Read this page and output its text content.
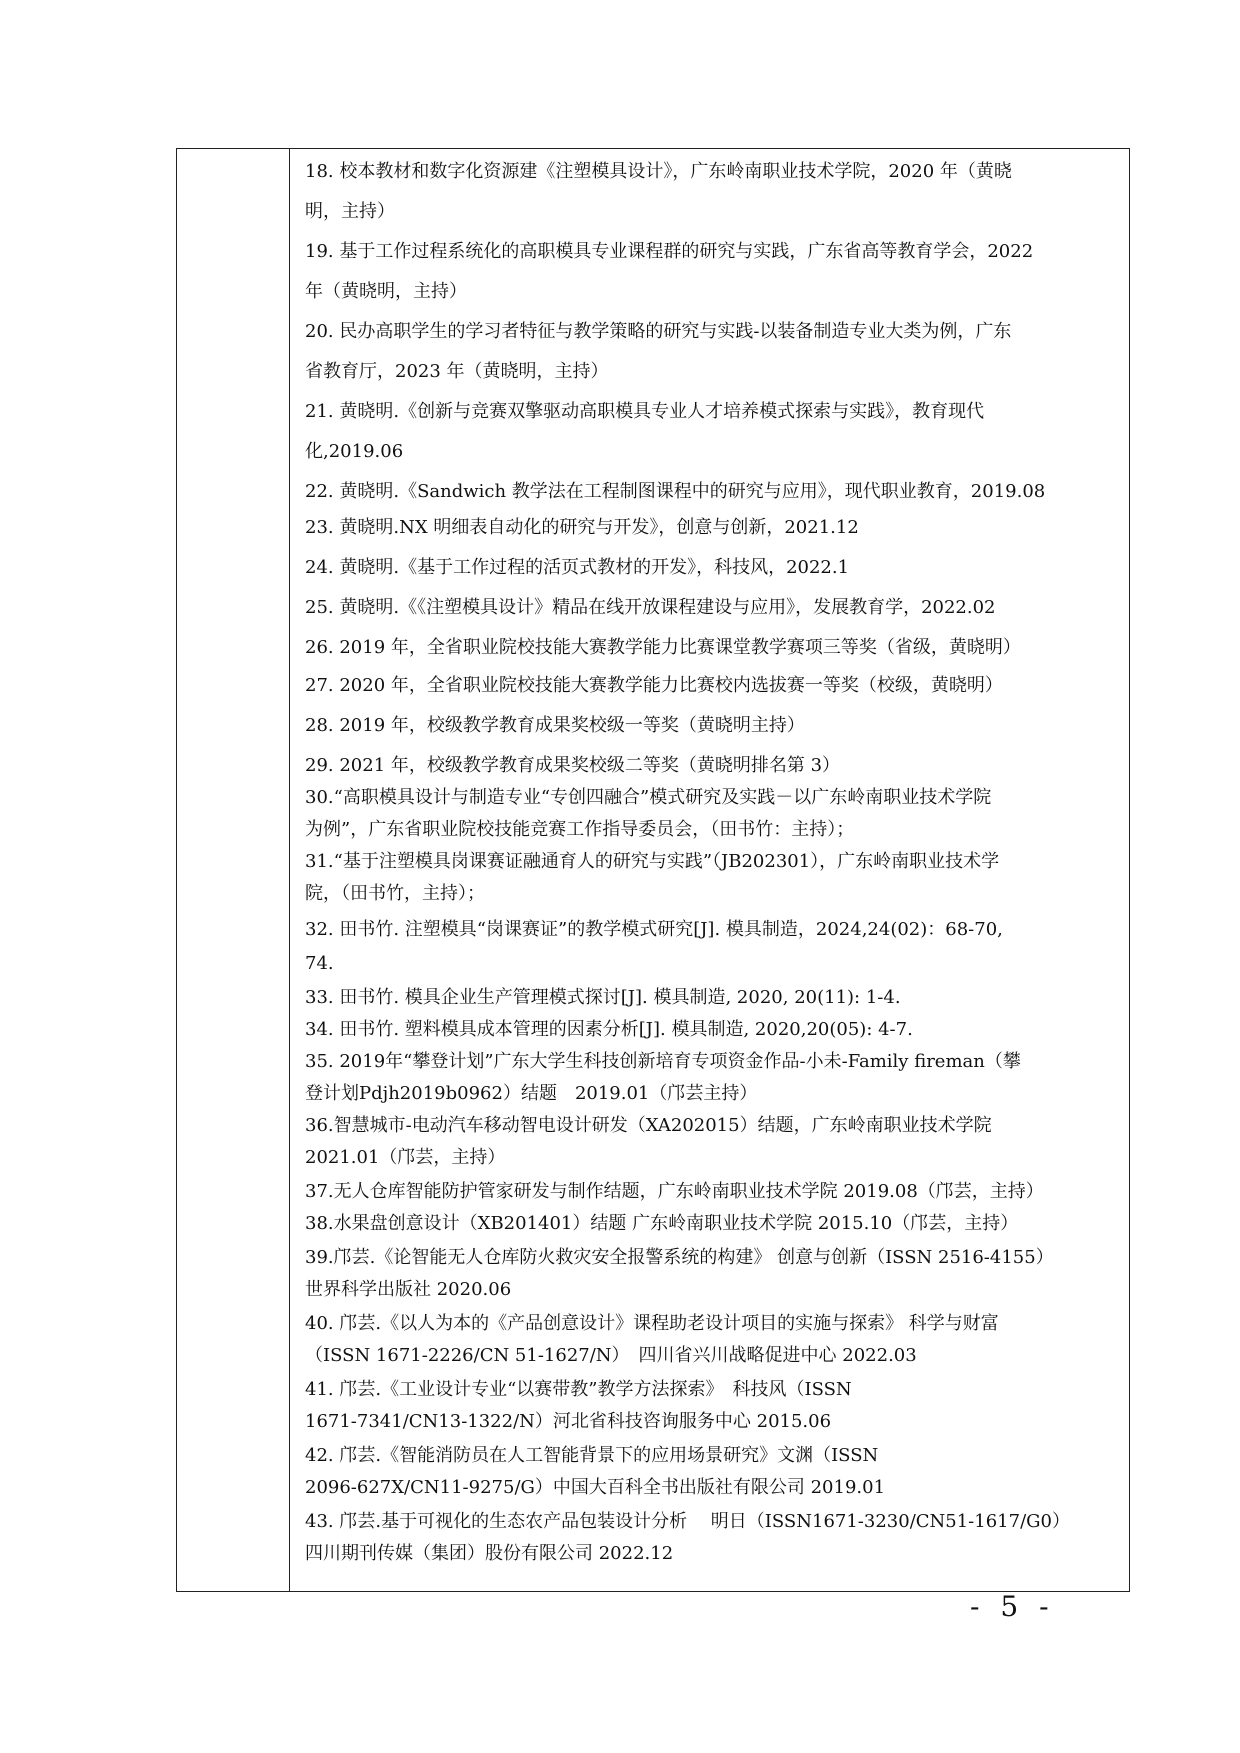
18. 校本教材和数字化资源建《注塑模具设计》，广东岭南职业技术学院，2020 年（黄晓
明，主持）
19. 基于工作过程系统化的高职模具专业课程群的研究与实践，广东省高等教育学会，2022
年（黄晓明，主持）
20. 民办高职学生的学习者特征与教学策略的研究与实践-以装备制造专业大类为例，广东
省教育厅，2023 年（黄晓明，主持）
21. 黄晓明.《创新与竞赛双擎驱动高职模具专业人才培养模式探索与实践》，教育现代
化,2019.06
22. 黄晓明.《Sandwich 教学法在工程制图课程中的研究与应用》，现代职业教育，2019.08
23. 黄晓明.NX 明细表自动化的研究与开发》，创意与创新，2021.12
24. 黄晓明.《基于工作过程的活页式教材的开发》，科技风，2022.1
25. 黄晓明.《《注塑模具设计》精品在线开放课程建设与应用》，发展教育学，2022.02
26. 2019 年，全省职业院校技能大赛教学能力比赛课堂教学赛项三等奖（省级，黄晓明）
27. 2020 年，全省职业院校技能大赛教学能力比赛校内选拔赛一等奖（校级，黄晓明）
28. 2019 年，校级教学教育成果奖校级一等奖（黄晓明主持）
29. 2021 年，校级教学教育成果奖校级二等奖（黄晓明排名第 3）
30.“高职模具设计与制造专业“专创四融合”模式研究及实践－以广东岭南职业技术学院
为例”，广东省职业院校技能竞赛工作指导委员会，（田书竹：主持）；
31.“基于注塑模具岗课赛证融通育人的研究与实践”（JB202301），广东岭南职业技术学
院，（田书竹，主持）；
32. 田书竹. 注塑模具“岗课赛证”的教学模式研究[J]. 模具制造，2024,24(02)：68-70,
74.
33. 田书竹. 模具企业生产管理模式探讨[J]. 模具制造, 2020, 20(11): 1-4.
34. 田书竹. 塑料模具成本管理的因素分析[J]. 模具制造, 2020,20(05): 4-7.
35. 2019年“攀登计划”广东大学生科技创新培育专项资金作品-小未-Family fireman（攀
登计划Pdjh2019b0962）结题　2019.01（邝芸主持）
36.智慧城市-电动汽车移动智电设计研发（XA202015）结题，广东岭南职业技术学院
2021.01（邝芸，主持）
37.无人仓库智能防护管家研发与制作结题，广东岭南职业技术学院 2019.08（邝芸，主持）
38.水果盘创意设计（XB201401）结题 广东岭南职业技术学院 2015.10（邝芸，主持）
39.邝芸.《论智能无人仓库防火救灾安全报警系统的构建》 创意与创新（ISSN 2516-4155）
世界科学出版社 2020.06
40. 邝芸.《以人为本的《产品创意设计》课程助老设计项目的实施与探索》 科学与财富
（ISSN 1671-2226/CN 51-1627/N）　四川省兴川战略促进中心 2022.03
41. 邝芸.《工业设计专业“以赛带教”教学方法探索》　科技风（ISSN
1671-7341/CN13-1322/N）河北省科技咨询服务中心 2015.06
42. 邝芸.《智能消防员在人工智能背景下的应用场景研究》文渊（ISSN
2096-627X/CN11-9275/G）中国大百科全书出版社有限公司 2019.01
43. 邝芸.基于可视化的生态农产品包装设计分析　 明日（ISSN1671-3230/CN51-1617/G0）
四川期刊传媒（集团）股份有限公司 2022.12
- 5 -
